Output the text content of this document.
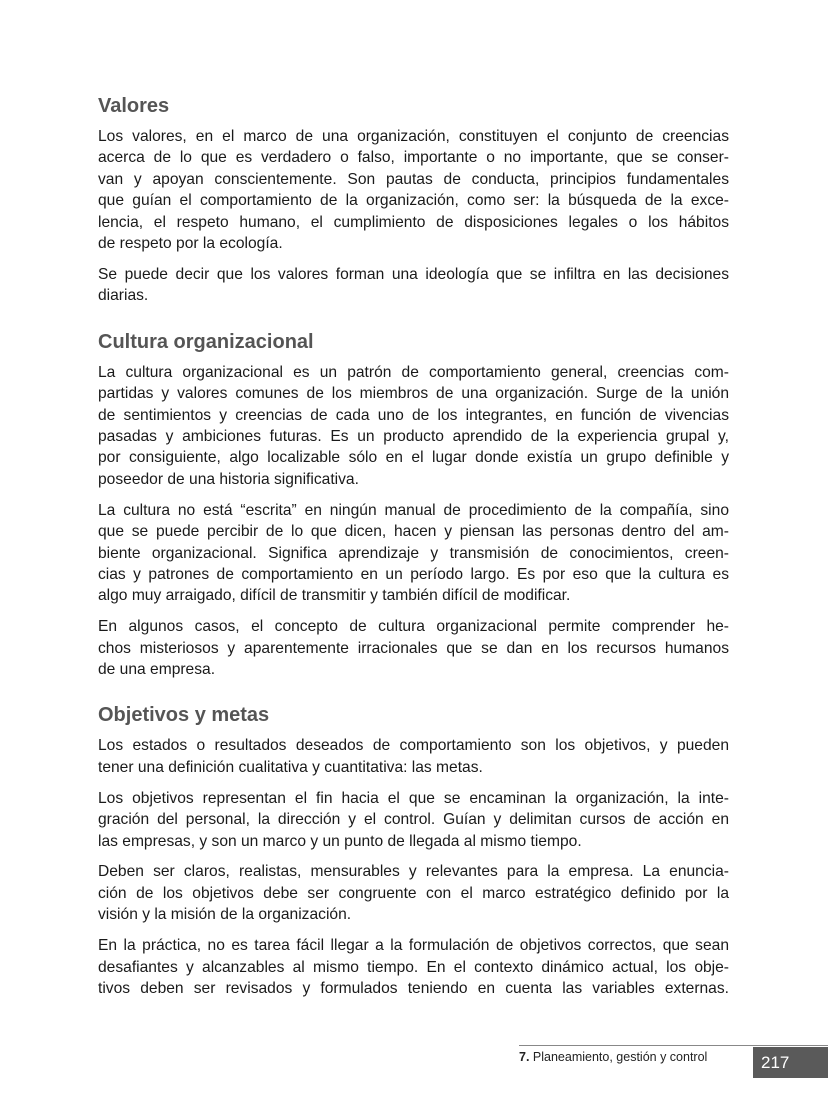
Valores

Los valores, en el marco de una organización, constituyen el conjunto de creencias
acerca de lo que es verdadero o falso, importante o no importante, que se conser-
van y apoyan conscientemente. Son pautas de conducta, principios fundamentales
que guían el comportamiento de la organización, como ser: la búsqueda de la exce-
lencia, el respeto humano, el cumplimiento de disposiciones legales o los hábitos
de respeto por la ecología.

Se puede decir que los valores forman una ideología que se infiltra en las decisiones
diarias.

Cultura organizacional

La cultura organizacional es un patrón de comportamiento general, creencias com-
partidas y valores comunes de los miembros de una organización. Surge de la unión
de sentimientos y creencias de cada uno de los integrantes, en función de vivencias
pasadas y ambiciones futuras. Es un producto aprendido de la experiencia grupal y,
por consiguiente, algo localizable sólo en el lugar donde existía un grupo definible y
poseedor de una historia significativa.

La cultura no está “escrita” en ningún manual de procedimiento de la compañía, sino
que se puede percibir de lo que dicen, hacen y piensan las personas dentro del am-
biente organizacional. Significa aprendizaje y transmisión de conocimientos, creen-
cias y patrones de comportamiento en un período largo. Es por eso que la cultura es
algo muy arraigado, difícil de transmitir y también difícil de modificar.

En algunos casos, el concepto de cultura organizacional permite comprender he-
chos misteriosos y aparentemente irracionales que se dan en los recursos humanos
de una empresa.

Objetivos y metas

Los estados o resultados deseados de comportamiento son los objetivos, y pueden
tener una definición cualitativa y cuantitativa: las metas.

Los objetivos representan el fin hacia el que se encaminan la organización, la inte-
gración del personal, la dirección y el control. Guían y delimitan cursos de acción en
las empresas, y son un marco y un punto de llegada al mismo tiempo.

Deben ser claros, realistas, mensurables y relevantes para la empresa. La enuncia-
ción de los objetivos debe ser congruente con el marco estratégico definido por la
visión y la misión de la organización.

En la práctica, no es tarea fácil llegar a la formulación de objetivos correctos, que sean
desafiantes y alcanzables al mismo tiempo. En el contexto dinámico actual, los obje-
tivos deben ser revisados y formulados teniendo en cuenta las variables externas.

7. Planeamiento, gestión y control	217
